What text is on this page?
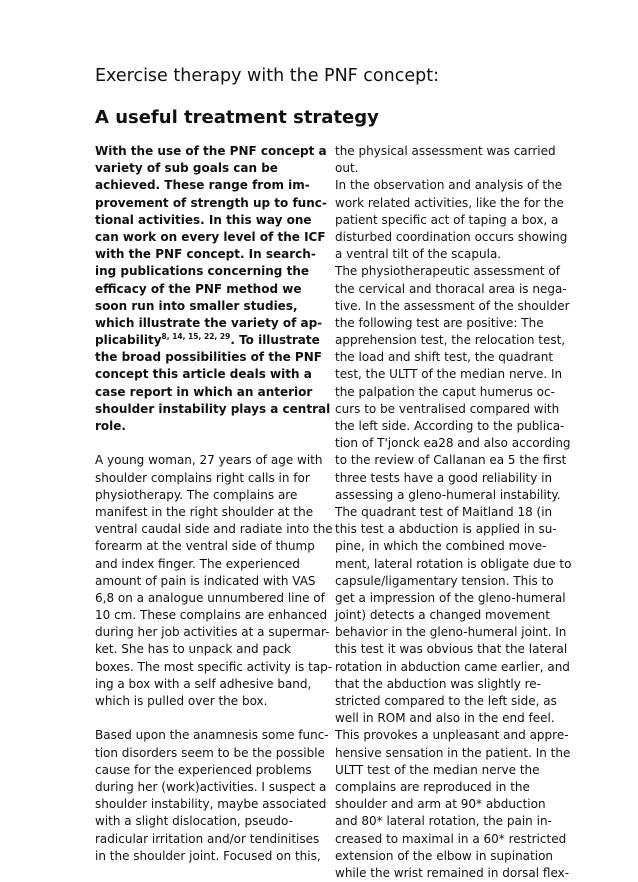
Exercise therapy with the PNF concept:
A useful treatment strategy
With the use of the PNF concept a
variety of sub goals can be
achieved. These range from im-
provement of strength up to func-
tional activities. In this way one
can work on every level of the ICF
with the PNF concept. In search-
ing publications concerning the
efficacy of the PNF method we
soon run into smaller studies,
which illustrate the variety of ap-
plicability$^{8, 14, 15, 22, 29}$. To illustrate
the broad possibilities of the PNF
concept this article deals with a
case report in which an anterior
shoulder instability plays a central
role.
A young woman, 27 years of age with
shoulder complains right calls in for
physiotherapy. The complains are
manifest in the right shoulder at the
ventral caudal side and radiate into the
forearm at the ventral side of thump
and index finger. The experienced
amount of pain is indicated with VAS
6,8 on a analogue unnumbered line of
10 cm. These complains are enhanced
during her job activities at a supermar-
ket. She has to unpack and pack
boxes. The most specific activity is tap-
ing a box with a self adhesive band,
which is pulled over the box.
Based upon the anamnesis some func-
tion disorders seem to be the possible
cause for the experienced problems
during her (work)activities. I suspect a
shoulder instability, maybe associated
with a slight dislocation, pseudo-
radicular irritation and/or tendinitises
in the shoulder joint. Focused on this,
the physical assessment was carried
out.
In the observation and analysis of the
work related activities, like the for the
patient specific act of taping a box, a
disturbed coordination occurs showing
a ventral tilt of the scapula.
The physiotherapeutic assessment of
the cervical and thoracal area is nega-
tive. In the assessment of the shoulder
the following test are positive: The
apprehension test, the relocation test,
the load and shift test, the quadrant
test, the ULTT of the median nerve. In
the palpation the caput humerus oc-
curs to be ventralised compared with
the left side. According to the publica-
tion of T'jonck ea28 and also according
to the review of Callanan ea 5 the first
three tests have a good reliability in
assessing a gleno-humeral instability.
The quadrant test of Maitland 18 (in
this test a abduction is applied in su-
pine, in which the combined move-
ment, lateral rotation is obligate due to
capsule/ligamentary tension. This to
get a impression of the gleno-humeral
joint) detects a changed movement
behavior in the gleno-humeral joint. In
this test it was obvious that the lateral
rotation in abduction came earlier, and
that the abduction was slightly re-
stricted compared to the left side, as
well in ROM and also in the end feel.
This provokes a unpleasant and appre-
hensive sensation in the patient. In the
ULTT test of the median nerve the
complains are reproduced in the
shoulder and arm at 90* abduction
and 80* lateral rotation, the pain in-
creased to maximal in a 60* restricted
extension of the elbow in supination
while the wrist remained in dorsal flex-
